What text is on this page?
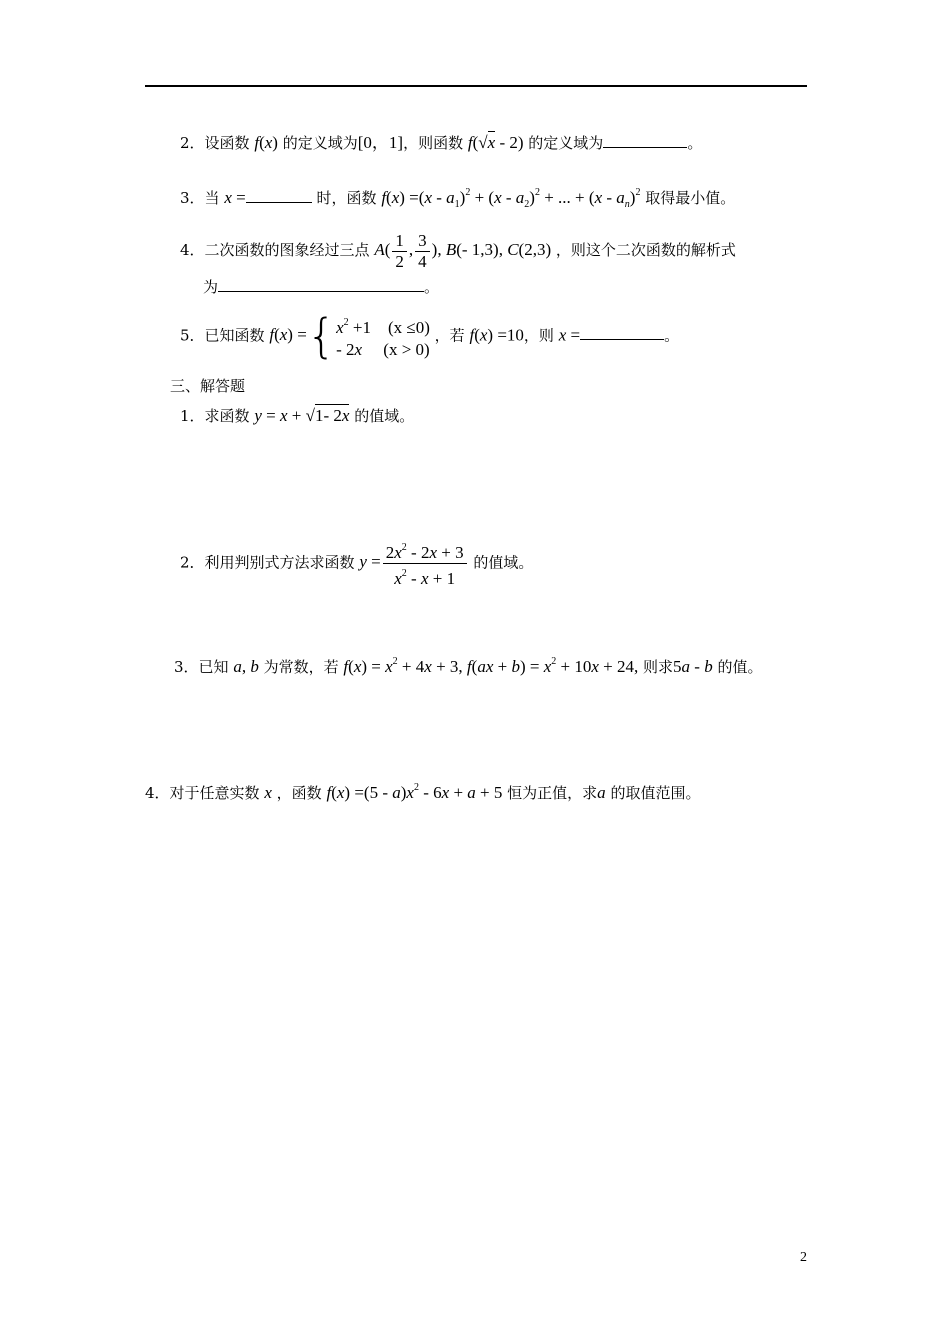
2．设函数 f(x) 的定义域为[0，1]，则函数 f(√x - 2) 的定义域为	。
3．当 x =	时，函数 $f(x) =(x - a_1)^2 + (x - a_2)^2$ + ... + $(x - a_n)^2$ 取得最小值。
4．二次函数的图象经过三点 $A( \frac{1}{2}$ , $\frac{3}{4}$ ), B(- 1,3), C(2,3) ，则这个二次函数的解析式
为	。
5．已知函数 f(x) ={ $x^2 +1$    (x ≤0)
- 2x (x > 0)
，若 f(x) =10，则 x =	。
三、解答题
1．求函数 y = x + √1- 2x 的值域。
2．利用判别式方法求函数 $y = \frac{2x^2 - 2x + 3}{x^2 - x + 1}$ 的值域。
3．已知 a, b 为常数，若 $f(x) = x^2 + 4x + 3$, $f(ax + b) = x^2 + 10x + 24$, 则求5a - b 的值。
4．对于任意实数 x ，函数 $f(x) =(5 - a)x^2 - 6x + a + 5$ 恒为正值，求a 的取值范围。
2
